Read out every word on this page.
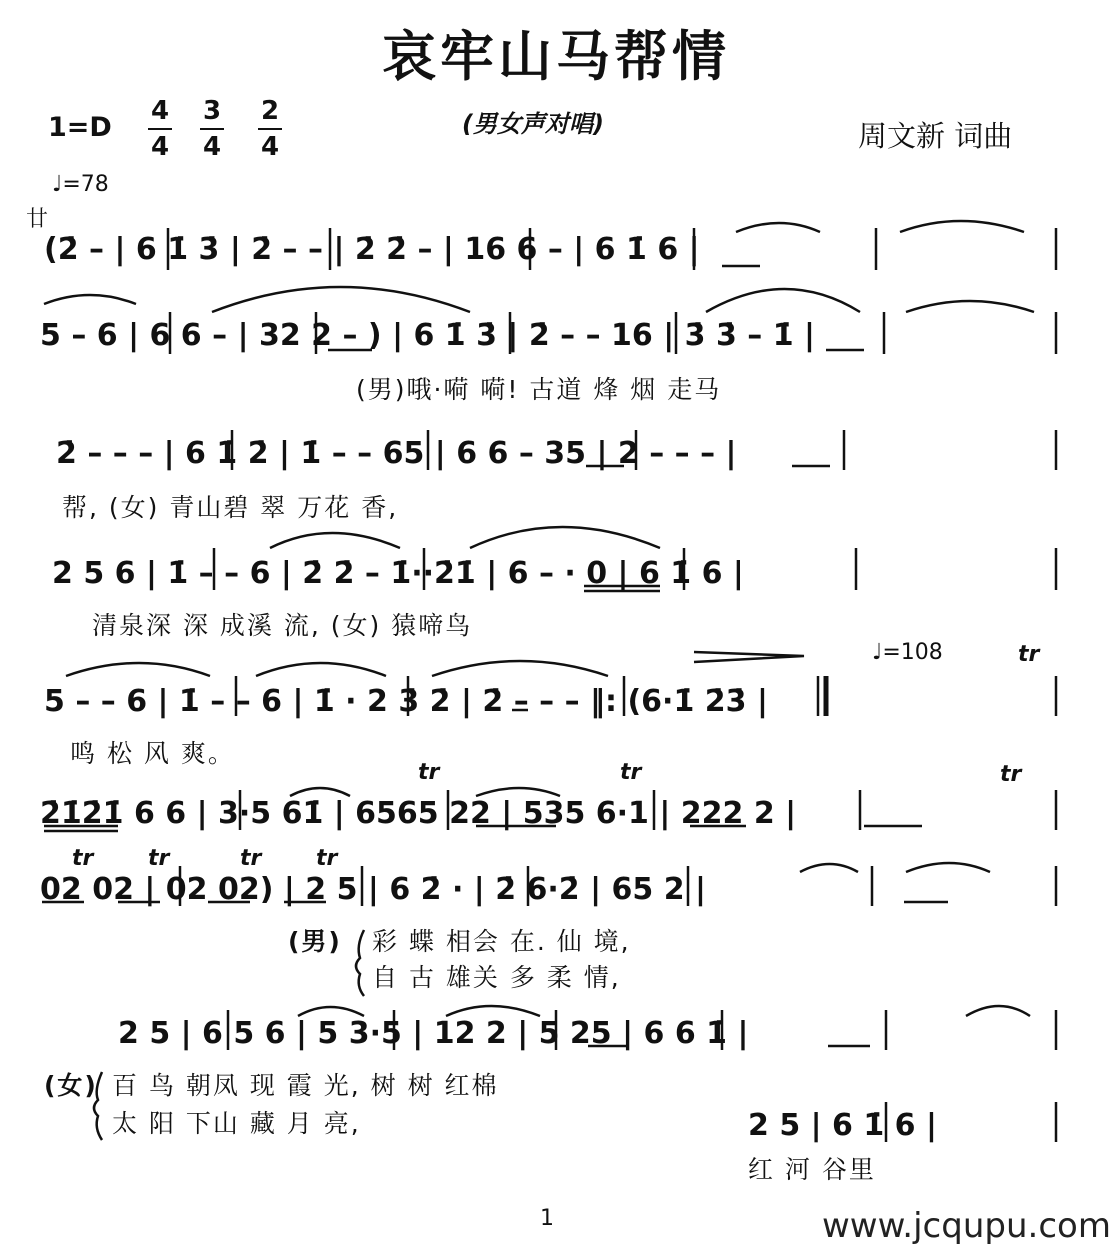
哀牢山马帮情
1=D
4
4
3
4
2
4
(男女声对唱)	周文新 词曲
♩=78
廿
♩=108
(2̇ – | 6 1̇ 3̇ | 2̇ – – | 2̇ 2̇ – | 16 6 – | 6 1̇ 6 |
5 – 6 | 6 6 – | 32 2 – ) | 6 1̇ 3̇ | 2̇ – – 16 | 3̇ 3̇ – 1̇ |
(男)哦·嗬 嗬! 古道 烽 烟 走马
2̇ – – – | 6 1̇ 2̇ | 1̇ – – 65 | 6 6 – 35 | 2 – – – |
帮, (女) 青山碧 翠 万花 香,
2 5 6 | 1̇ – – 6 | 2̇ 2̇ – 1̇··2̇1̇ | 6 – · 0 | 6 1̇ 6 |
清泉深 深 成溪 流, (女) 猿啼鸟
5 – – 6 | 1̇ – – 6 | 1̇ · 2 3̇ 2̇ | 2̇ – – – ‖: (6·1̇ 2̇3̇ |
鸣 松 风 爽。
tr	tr	tr
tr
2̇1̇2̇1̇ 6 6 | 3·5 61̇ | 6565 22 | 535 6·1 | 222 2 |
tr tr	tr tr
02 02 | 02 02) | 2 5 | 6 2̇ · | 2̇ 6·2̇ | 65 2 |
(男) 彩 蝶 相会 在. 仙 境,
自 古 雄关 多 柔 情,
2 5 | 6 5 6 | 5 3·5 | 12 2 | 5 25 | 6 6 1̇ |
(女) 百 鸟 朝凤 现 霞 光, 树 树 红棉
太 阳 下山 藏 月 亮,	2 5 | 6 1̇ 6 |
红 河 谷里
1	www.jcqupu.com
